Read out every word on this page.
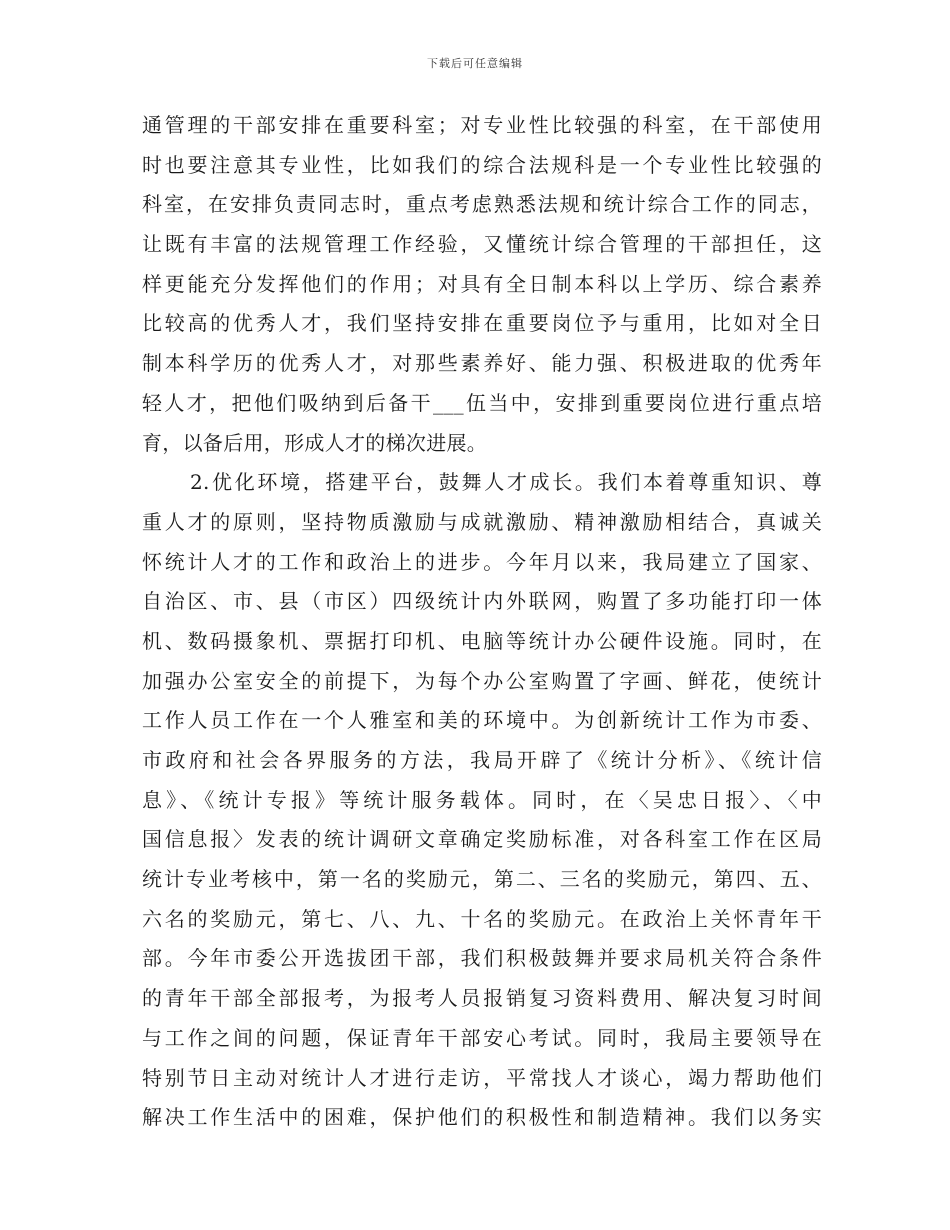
下载后可任意编辑
通管理的干部安排在重要科室；对专业性比较强的科室，在干部使用
时也要注意其专业性，比如我们的综合法规科是一个专业性比较强的
科室，在安排负责同志时，重点考虑熟悉法规和统计综合工作的同志，
让既有丰富的法规管理工作经验，又懂统计综合管理的干部担任，这
样更能充分发挥他们的作用；对具有全日制本科以上学历、综合素养
比较高的优秀人才，我们坚持安排在重要岗位予与重用，比如对全日
制本科学历的优秀人才，对那些素养好、能力强、积极进取的优秀年
轻人才，把他们吸纳到后备干___伍当中，安排到重要岗位进行重点培
育，以备后用，形成人才的梯次进展。
2.优化环境，搭建平台，鼓舞人才成长。我们本着尊重知识、尊
重人才的原则，坚持物质激励与成就激励、精神激励相结合，真诚关
怀统计人才的工作和政治上的进步。今年月以来，我局建立了国家、
自治区、市、县（市区）四级统计内外联网，购置了多功能打印一体
机、数码摄象机、票据打印机、电脑等统计办公硬件设施。同时，在
加强办公室安全的前提下，为每个办公室购置了字画、鲜花，使统计
工作人员工作在一个人雅室和美的环境中。为创新统计工作为市委、
市政府和社会各界服务的方法，我局开辟了《统计分析》、《统计信
息》、《统计专报》等统计服务载体。同时，在〈吴忠日报〉、〈中
国信息报〉发表的统计调研文章确定奖励标准，对各科室工作在区局
统计专业考核中，第一名的奖励元，第二、三名的奖励元，第四、五、
六名的奖励元，第七、八、九、十名的奖励元。在政治上关怀青年干
部。今年市委公开选拔团干部，我们积极鼓舞并要求局机关符合条件
的青年干部全部报考，为报考人员报销复习资料费用、解决复习时间
与工作之间的问题，保证青年干部安心考试。同时，我局主要领导在
特别节日主动对统计人才进行走访，平常找人才谈心，竭力帮助他们
解决工作生活中的困难，保护他们的积极性和制造精神。我们以务实
